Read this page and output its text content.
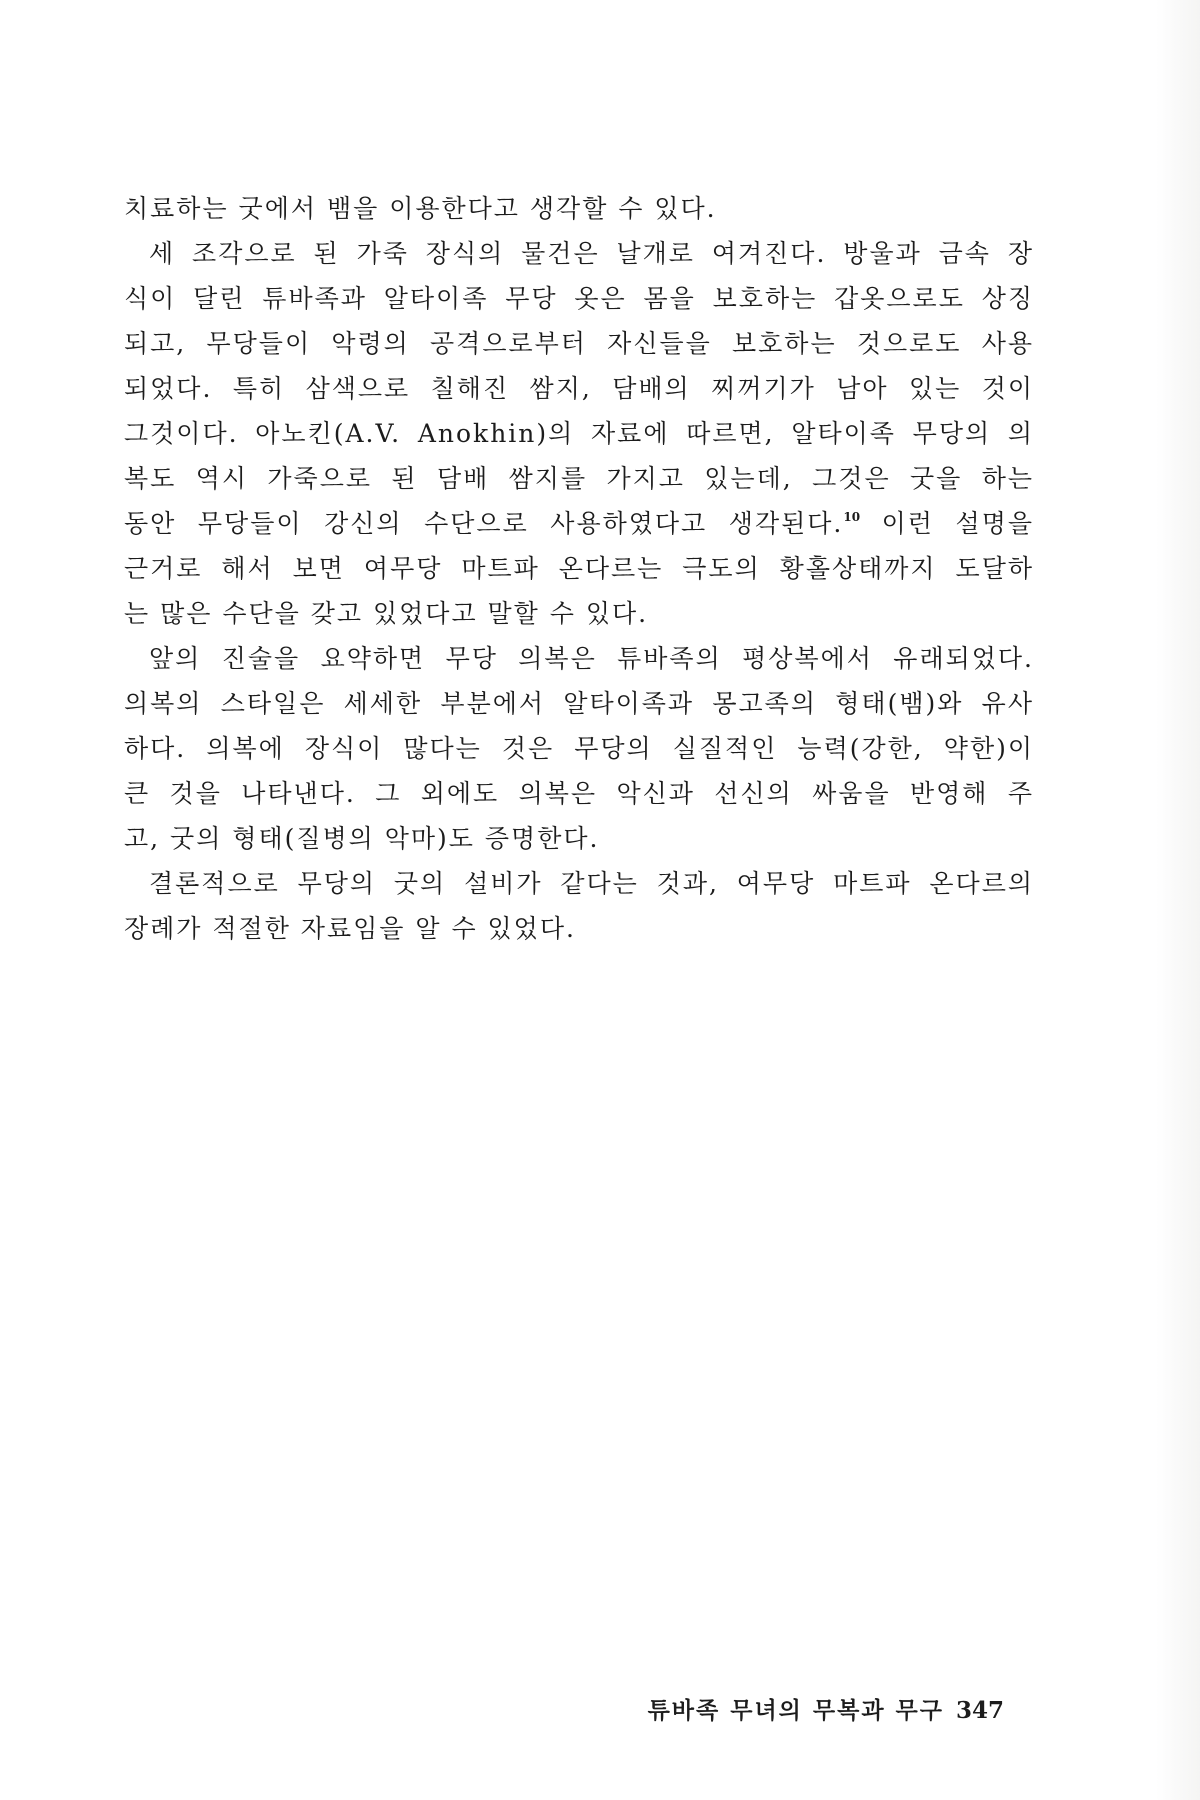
치료하는 굿에서 뱀을 이용한다고 생각할 수 있다.
세 조각으로 된 가죽 장식의 물건은 날개로 여겨진다. 방울과 금속 장
식이 달린 튜바족과 알타이족 무당 옷은 몸을 보호하는 갑옷으로도 상징
되고, 무당들이 악령의 공격으로부터 자신들을 보호하는 것으로도 사용
되었다. 특히 삼색으로 칠해진 쌈지, 담배의 찌꺼기가 남아 있는 것이
그것이다. 아노킨(A.V. Anokhin)의 자료에 따르면, 알타이족 무당의 의
복도 역시 가죽으로 된 담배 쌈지를 가지고 있는데, 그것은 굿을 하는
동안 무당들이 강신의 수단으로 사용하였다고 생각된다.$^{10}$ 이런 설명을
근거로 해서 보면 여무당 마트파 온다르는 극도의 황홀상태까지 도달하
는 많은 수단을 갖고 있었다고 말할 수 있다.
앞의 진술을 요약하면 무당 의복은 튜바족의 평상복에서 유래되었다.
의복의 스타일은 세세한 부분에서 알타이족과 몽고족의 형태(뱀)와 유사
하다. 의복에 장식이 많다는 것은 무당의 실질적인 능력(강한, 약한)이
큰 것을 나타낸다. 그 외에도 의복은 악신과 선신의 싸움을 반영해 주
고, 굿의 형태(질병의 악마)도 증명한다.
결론적으로 무당의 굿의 설비가 같다는 것과, 여무당 마트파 온다르의
장례가 적절한 자료임을 알 수 있었다.
튜바족 무녀의 무복과 무구 347
